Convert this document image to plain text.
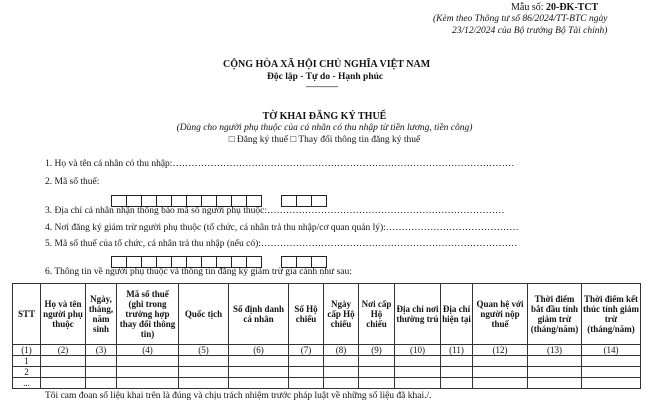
Mẫu số: 20-ĐK-TCT
(Kèm theo Thông tư số 86/2024/TT-BTC ngày
23/12/2024 của Bộ trưởng Bộ Tài chính)
CỘNG HÒA XÃ HỘI CHỦ NGHĨA VIỆT NAM
Độc lập - Tự do - Hạnh phúc
————
TỜ KHAI ĐĂNG KÝ THUẾ
(Dùng cho người phụ thuộc của cá nhân có thu nhập từ tiền lương, tiền công)
□ Đăng ký thuế □ Thay đổi thông tin đăng ký thuế
1. Họ và tên cá nhân có thu nhập:………………………………………………………………………………………………
2. Mã số thuế:
3. Địa chỉ cá nhân nhận thông báo mã số người phụ thuộc:…………………………………………………………………
4. Nơi đăng ký giảm trừ người phụ thuộc (tổ chức, cá nhân trả thu nhập/cơ quan quản lý):……………………………………
5. Mã số thuế của tổ chức, cá nhân trả thu nhập (nếu có):………………………………………………………………………
6. Thông tin về người phụ thuộc và thông tin đăng ký giảm trừ gia cảnh như sau:
STT	Họ và tên người phụ thuộc	Ngày, tháng, năm sinh	Mã số thuế (ghi trong trường hợp thay đổi thông tin)	Quốc tịch	Số định danh cá nhân	Số Hộ chiếu	Ngày cấp Hộ chiếu	Nơi cấp Hộ chiếu	Địa chỉ nơi thường trú	Địa chỉ hiện tại	Quan hệ với người nộp thuế	Thời điểm bắt đầu tính giảm trừ (tháng/năm)	Thời điểm kết thúc tính giảm trừ (tháng/năm)
(1)	(2)	(3)	(4)	(5)	(6)	(7)	(8)	(9)	(10)	(11)	(12)	(13)	(14)
1													
2													
...													
Tôi cam đoan số liệu khai trên là đúng và chịu trách nhiệm trước pháp luật về những số liệu đã khai./.
